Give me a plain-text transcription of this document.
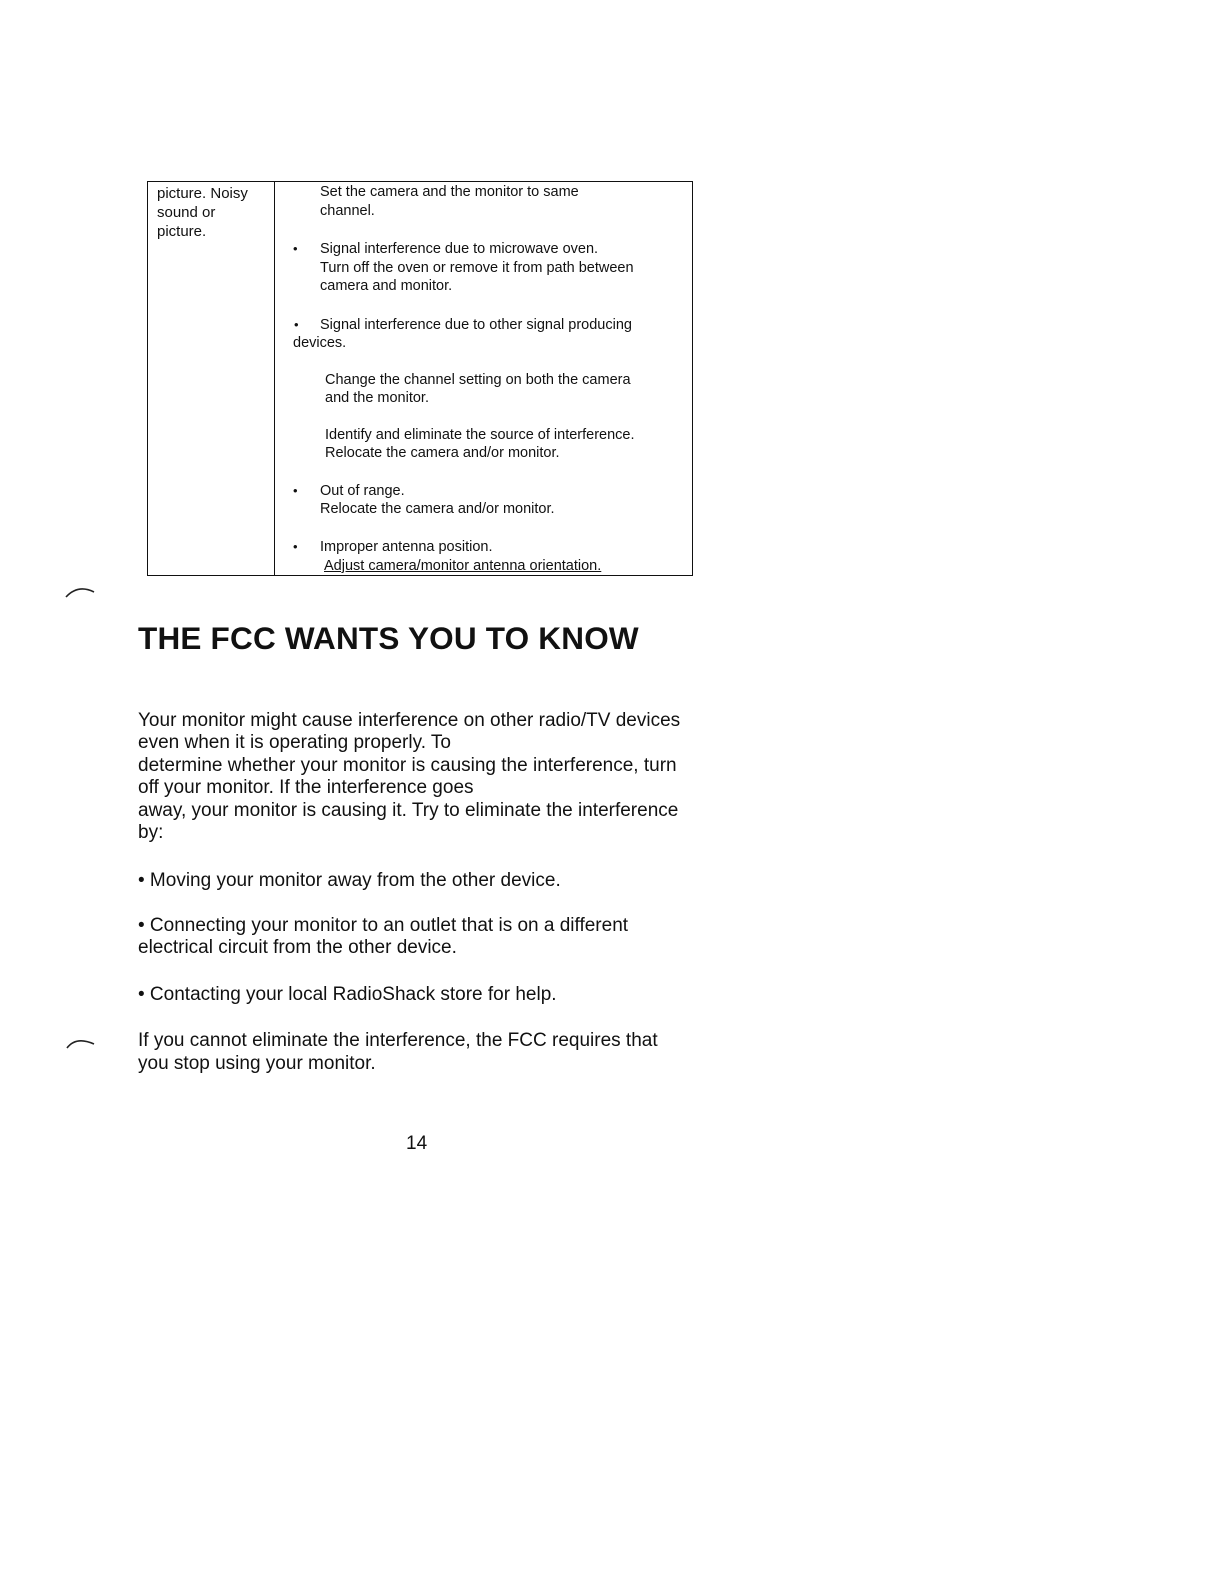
picture. Noisy
sound or
picture.
Set the camera and the monitor to same
channel.
• Signal interference due to microwave oven.
Turn off the oven or remove it from path between
camera and monitor.
• Signal interference due to other signal producing
devices.
Change the channel setting on both the camera
and the monitor.
Identify and eliminate the source of interference.
Relocate the camera and/or monitor.
• Out of range.
Relocate the camera and/or monitor.
• Improper antenna position.
Adjust camera/monitor antenna orientation.
THE FCC WANTS YOU TO KNOW
Your monitor might cause interference on other radio/TV devices
even when it is operating properly. To
determine whether your monitor is causing the interference, turn
off your monitor. If the interference goes
away, your monitor is causing it. Try to eliminate the interference
by:
• Moving your monitor away from the other device.
• Connecting your monitor to an outlet that is on a different
electrical circuit from the other device.
• Contacting your local RadioShack store for help.
If you cannot eliminate the interference, the FCC requires that
you stop using your monitor.
14
